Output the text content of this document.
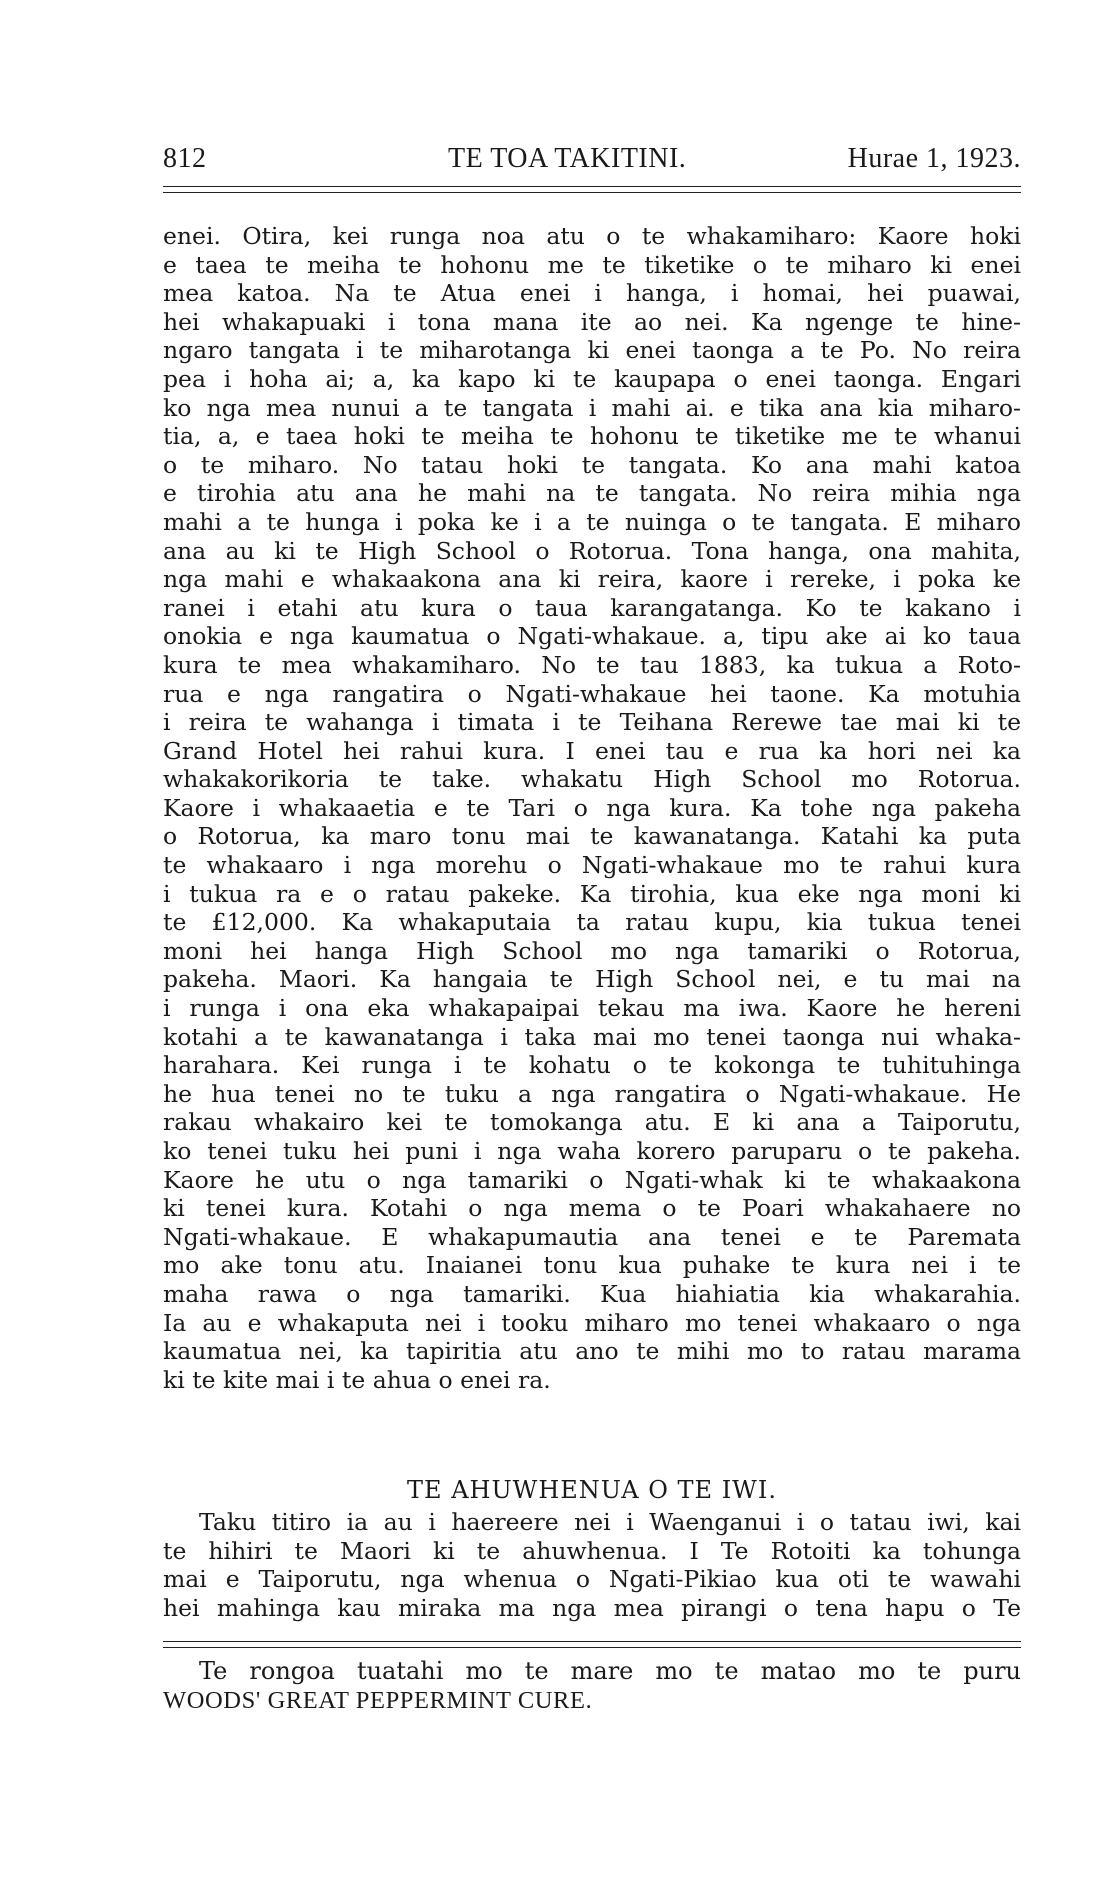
812	TE TOA TAKITINI.	Hurae 1, 1923.
enei. Otira, kei runga noa atu o te whakamiharo: Kaore hoki
e taea te meiha te hohonu me te tiketike o te miharo ki enei
mea katoa. Na te Atua enei i hanga, i homai, hei puawai,
hei whakapuaki i tona mana ite ao nei. Ka ngenge te hine-
ngaro tangata i te miharotanga ki enei taonga a te Po. No reira
pea i hoha ai; a, ka kapo ki te kaupapa o enei taonga. Engari
ko nga mea nunui a te tangata i mahi ai. e tika ana kia miharo-
tia, a, e taea hoki te meiha te hohonu te tiketike me te whanui
o te miharo. No tatau hoki te tangata. Ko ana mahi katoa
e tirohia atu ana he mahi na te tangata. No reira mihia nga
mahi a te hunga i poka ke i a te nuinga o te tangata. E miharo
ana au ki te High School o Rotorua. Tona hanga, ona mahita,
nga mahi e whakaakona ana ki reira, kaore i rereke, i poka ke
ranei i etahi atu kura o taua karangatanga. Ko te kakano i
onokia e nga kaumatua o Ngati-whakaue. a, tipu ake ai ko taua
kura te mea whakamiharo. No te tau 1883, ka tukua a Roto-
rua e nga rangatira o Ngati-whakaue hei taone. Ka motuhia
i reira te wahanga i timata i te Teihana Rerewe tae mai ki te
Grand Hotel hei rahui kura. I enei tau e rua ka hori nei ka
whakakorikoria te take. whakatu High School mo Rotorua.
Kaore i whakaaetia e te Tari o nga kura. Ka tohe nga pakeha
o Rotorua, ka maro tonu mai te kawanatanga. Katahi ka puta
te whakaaro i nga morehu o Ngati-whakaue mo te rahui kura
i tukua ra e o ratau pakeke. Ka tirohia, kua eke nga moni ki
te £12,000. Ka whakaputaia ta ratau kupu, kia tukua tenei
moni hei hanga High School mo nga tamariki o Rotorua,
pakeha. Maori. Ka hangaia te High School nei, e tu mai na
i runga i ona eka whakapaipai tekau ma iwa. Kaore he hereni
kotahi a te kawanatanga i taka mai mo tenei taonga nui whaka-
harahara. Kei runga i te kohatu o te kokonga te tuhituhinga
he hua tenei no te tuku a nga rangatira o Ngati-whakaue. He
rakau whakairo kei te tomokanga atu. E ki ana a Taiporutu,
ko tenei tuku hei puni i nga waha korero paruparu o te pakeha.
Kaore he utu o nga tamariki o Ngati-whak ki te whakaakona
ki tenei kura. Kotahi o nga mema o te Poari whakahaere no
Ngati-whakaue. E whakapumautia ana tenei e te Paremata
mo ake tonu atu. Inaianei tonu kua puhake te kura nei i te
maha rawa o nga tamariki. Kua hiahiatia kia whakarahia.
Ia au e whakaputa nei i tooku miharo mo tenei whakaaro o nga
kaumatua nei, ka tapiritia atu ano te mihi mo to ratau marama
ki te kite mai i te ahua o enei ra.
TE AHUWHENUA O TE IWI.
Taku titiro ia au i haereere nei i Waenganui i o tatau iwi, kai
te hihiri te Maori ki te ahuwhenua. I Te Rotoiti ka tohunga
mai e Taiporutu, nga whenua o Ngati-Pikiao kua oti te wawahi
hei mahinga kau miraka ma nga mea pirangi o tena hapu o Te
Te rongoa tuatahi mo te mare mo te matao mo te puru
WOODS' GREAT PEPPERMINT CURE.
